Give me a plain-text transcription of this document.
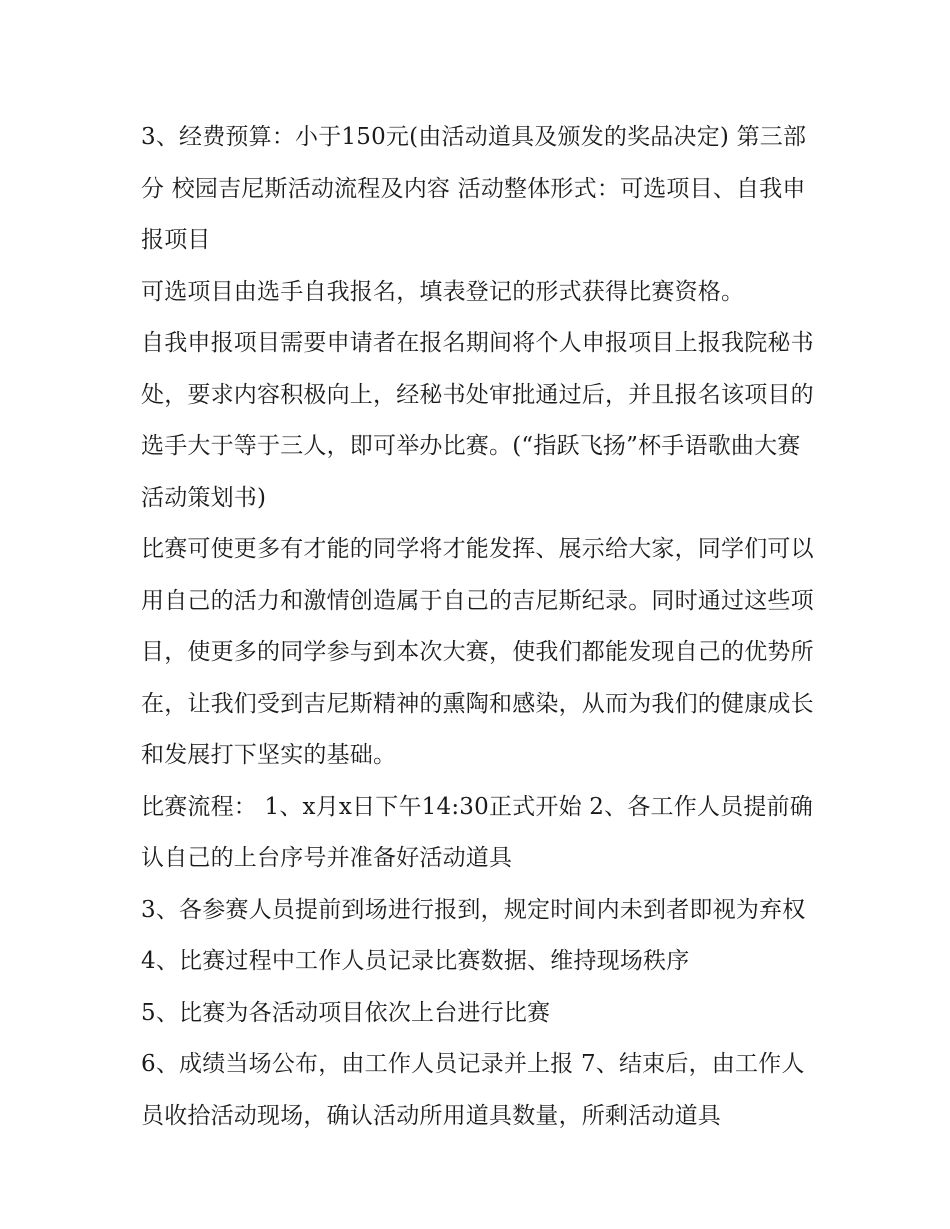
3、经费预算：小于150元(由活动道具及颁发的奖品决定) 第三部分 校园吉尼斯活动流程及内容 活动整体形式：可选项目、自我申报项目

可选项目由选手自我报名，填表登记的形式获得比赛资格。

自我申报项目需要申请者在报名期间将个人申报项目上报我院秘书处，要求内容积极向上，经秘书处审批通过后，并且报名该项目的选手大于等于三人，即可举办比赛。(“指跃飞扬”杯手语歌曲大赛活动策划书)

比赛可使更多有才能的同学将才能发挥、展示给大家，同学们可以用自己的活力和激情创造属于自己的吉尼斯纪录。同时通过这些项目，使更多的同学参与到本次大赛，使我们都能发现自己的优势所在，让我们受到吉尼斯精神的熏陶和感染，从而为我们的健康成长和发展打下坚实的基础。

比赛流程： 1、x月x日下午14:30正式开始 2、各工作人员提前确认自己的上台序号并准备好活动道具

3、各参赛人员提前到场进行报到，规定时间内未到者即视为弃权 4、比赛过程中工作人员记录比赛数据、维持现场秩序

5、比赛为各活动项目依次上台进行比赛

6、成绩当场公布，由工作人员记录并上报 7、结束后，由工作人员收拾活动现场，确认活动所用道具数量，所剩活动道具
